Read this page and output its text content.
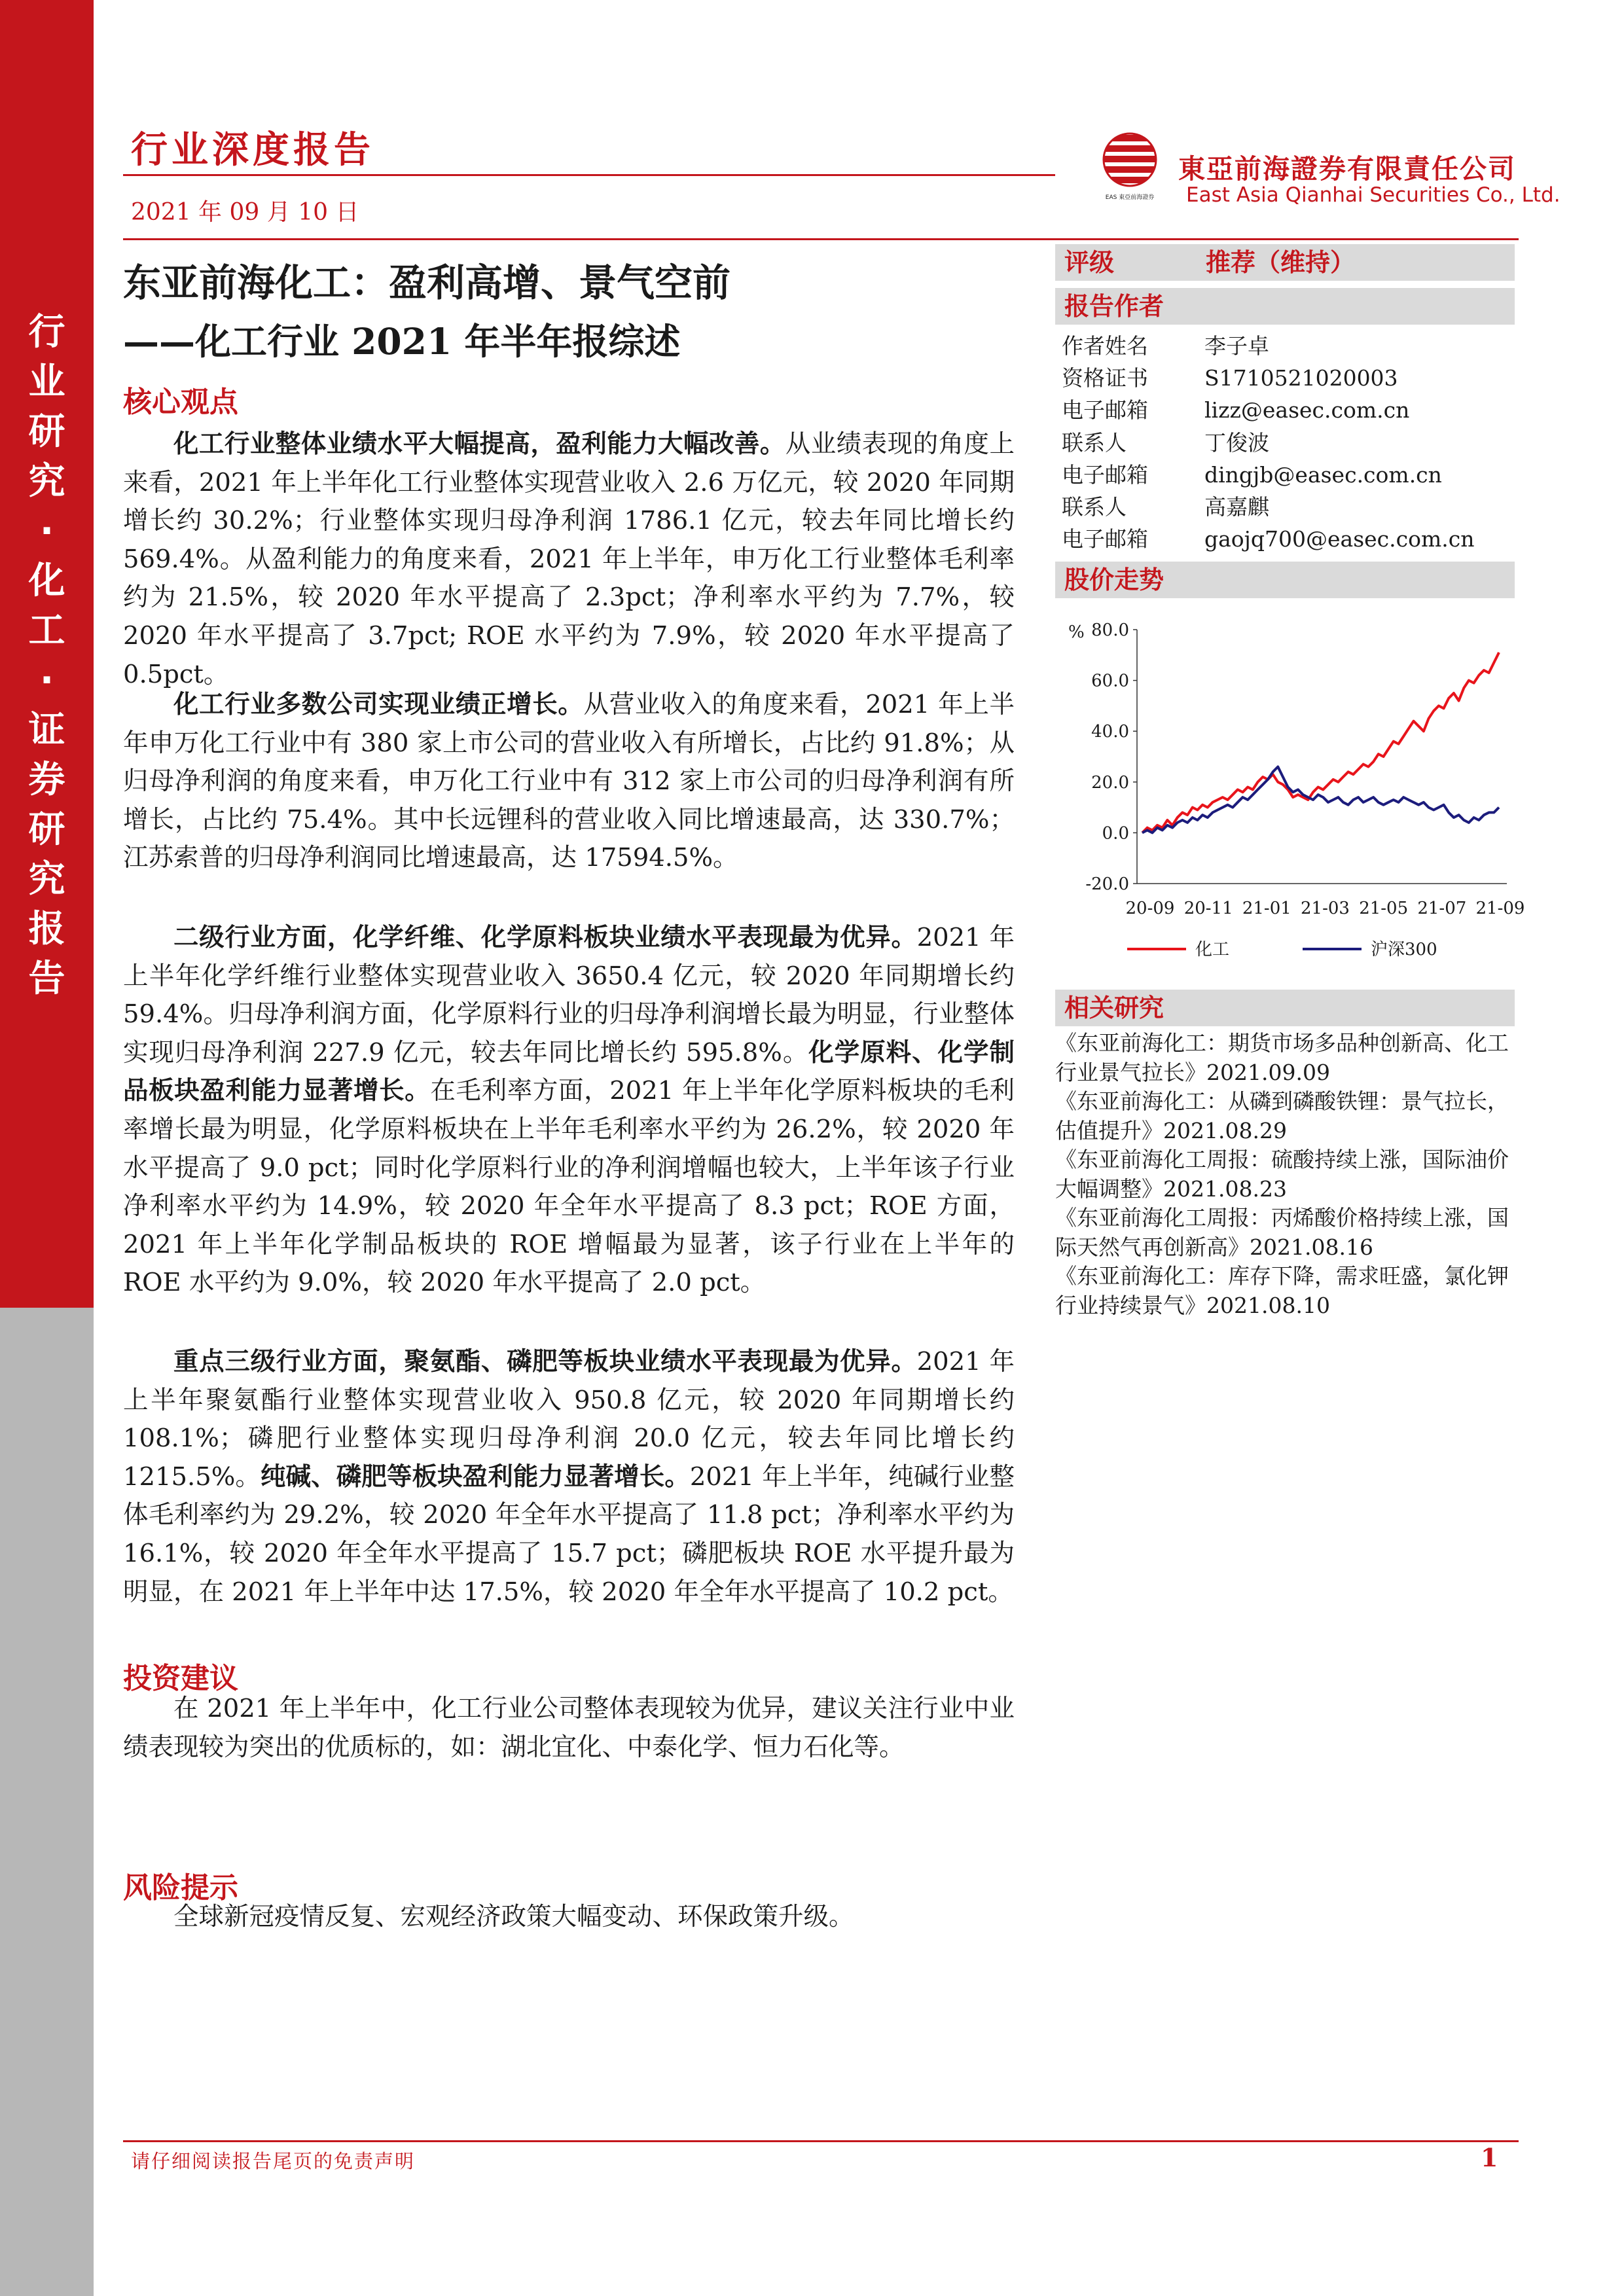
行
业
研
究
·
化
工
·
证
券
研
究
报
告
行业深度报告
2021 年 09 月 10 日
EAS 東亞前海證券
東亞前海證券有限責任公司
East Asia Qianhai Securities Co., Ltd.
东亚前海化工：盈利高增、景气空前
——化工行业 2021 年半年报综述
核心观点

化工行业整体业绩水平大幅提高，盈利能力大幅改善。从业绩表现的角度上来看，2021 年上半年化工行业整体实现营业收入 2.6 万亿元，较 2020 年同期增长约 30.2%；行业整体实现归母净利润 1786.1 亿元，较去年同比增长约 569.4%。从盈利能力的角度来看，2021 年上半年，申万化工行业整体毛利率约为 21.5%，较 2020 年水平提高了 2.3pct；净利率水平约为 7.7%，较 2020 年水平提高了 3.7pct; ROE 水平约为 7.9%，较 2020 年水平提高了 0.5pct。

化工行业多数公司实现业绩正增长。从营业收入的角度来看，2021 年上半年申万化工行业中有 380 家上市公司的营业收入有所增长，占比约 91.8%；从归母净利润的角度来看，申万化工行业中有 312 家上市公司的归母净利润有所增长，占比约 75.4%。其中长远锂科的营业收入同比增速最高，达 330.7%；江苏索普的归母净利润同比增速最高，达 17594.5%。

二级行业方面，化学纤维、化学原料板块业绩水平表现最为优异。2021 年上半年化学纤维行业整体实现营业收入 3650.4 亿元，较 2020 年同期增长约 59.4%。归母净利润方面，化学原料行业的归母净利润增长最为明显，行业整体实现归母净利润 227.9 亿元，较去年同比增长约 595.8%。化学原料、化学制品板块盈利能力显著增长。在毛利率方面，2021 年上半年化学原料板块的毛利率增长最为明显，化学原料板块在上半年毛利率水平约为 26.2%，较 2020 年水平提高了 9.0 pct；同时化学原料行业的净利润增幅也较大，上半年该子行业净利率水平约为 14.9%，较 2020 年全年水平提高了 8.3 pct；ROE 方面，2021 年上半年化学制品板块的 ROE 增幅最为显著，该子行业在上半年的 ROE 水平约为 9.0%，较 2020 年水平提高了 2.0 pct。

重点三级行业方面，聚氨酯、磷肥等板块业绩水平表现最为优异。2021 年上半年聚氨酯行业整体实现营业收入 950.8 亿元，较 2020 年同期增长约 108.1%；磷肥行业整体实现归母净利润 20.0 亿元，较去年同比增长约 1215.5%。纯碱、磷肥等板块盈利能力显著增长。2021 年上半年，纯碱行业整体毛利率约为 29.2%，较 2020 年全年水平提高了 11.8 pct；净利率水平约为 16.1%，较 2020 年全年水平提高了 15.7 pct；磷肥板块 ROE 水平提升最为明显，在 2021 年上半年中达 17.5%，较 2020 年全年水平提高了 10.2 pct。

投资建议

在 2021 年上半年中，化工行业公司整体表现较为优异，建议关注行业中业绩表现较为突出的优质标的，如：湖北宜化、中泰化学、恒力石化等。

风险提示

全球新冠疫情反复、宏观经济政策大幅变动、环保政策升级。

评级	推荐（维持）
报告作者
作者姓名	李子卓
资格证书	S1710521020003
电子邮箱	lizz@easec.com.cn
联系人	丁俊波
电子邮箱	dingjb@easec.com.cn
联系人	高嘉麒
电子邮箱	gaojq700@easec.com.cn
股价走势
% 80.0
60.0
40.0
20.0
0.0
-20.0
20-09 20-11 21-01 21-03 21-05 21-07 21-09
化工	沪深300
相关研究
《东亚前海化工：期货市场多品种创新高、化工行业景气拉长》2021.09.09
《东亚前海化工：从磷到磷酸铁锂：景气拉长，估值提升》2021.08.29
《东亚前海化工周报：硫酸持续上涨，国际油价大幅调整》2021.08.23
《东亚前海化工周报：丙烯酸价格持续上涨，国际天然气再创新高》2021.08.16
《东亚前海化工：库存下降，需求旺盛，氯化钾行业持续景气》2021.08.10
请仔细阅读报告尾页的免责声明	1
